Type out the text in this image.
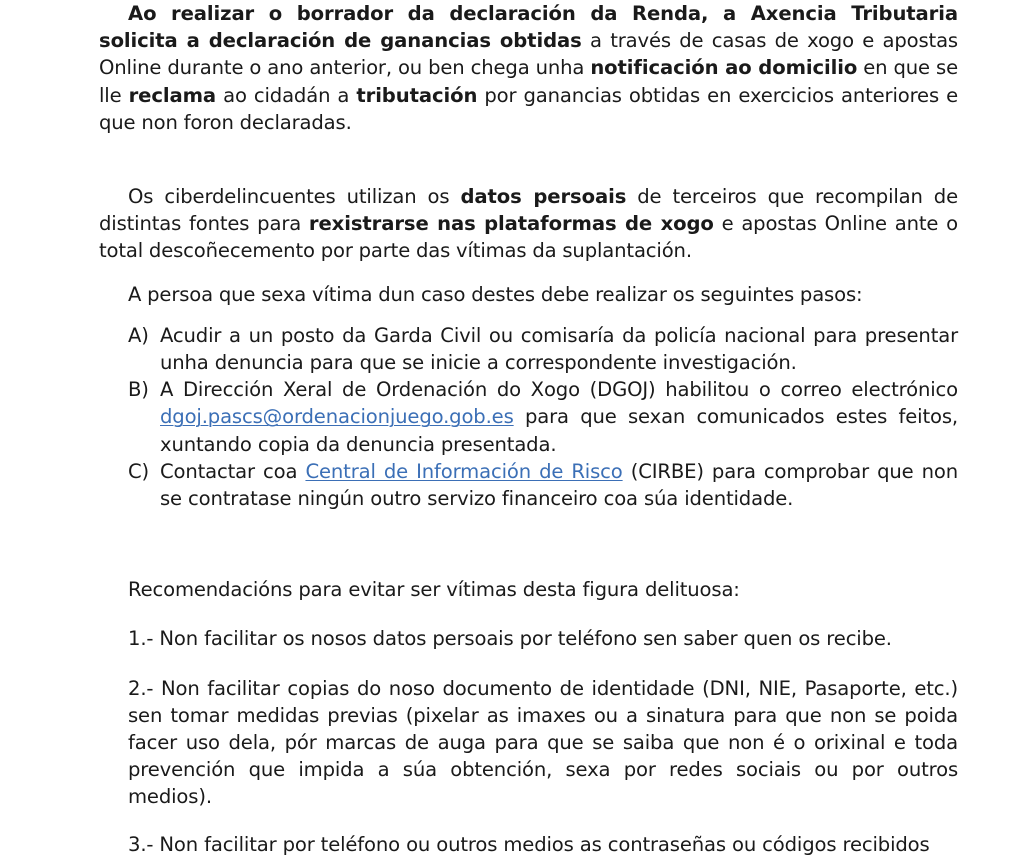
Ao realizar o borrador da declaración da Renda, a Axencia Tributaria solicita a declaración de ganancias obtidas a través de casas de xogo e apostas Online durante o ano anterior, ou ben chega unha notificación ao domicilio en que se lle reclama ao cidadán a tributación por ganancias obtidas en exercicios anteriores e que non foron declaradas.

Os ciberdelincuentes utilizan os datos persoais de terceiros que recompilan de distintas fontes para rexistrarse nas plataformas de xogo e apostas Online ante o total descoñecemento por parte das vítimas da suplantación.

A persoa que sexa vítima dun caso destes debe realizar os seguintes pasos:

A) Acudir a un posto da Garda Civil ou comisaría da policía nacional para presentar unha denuncia para que se inicie a correspondente investigación.
B) A Dirección Xeral de Ordenación do Xogo (DGOJ) habilitou o correo electrónico dgoj.pascs@ordenacionjuego.gob.es para que sexan comunicados estes feitos, xuntando copia da denuncia presentada.
C) Contactar coa Central de Información de Risco (CIRBE) para comprobar que non se contratase ningún outro servizo financeiro coa súa identidade.

Recomendacións para evitar ser vítimas desta figura delituosa:

1.- Non facilitar os nosos datos persoais por teléfono sen saber quen os recibe.

2.- Non facilitar copias do noso documento de identidade (DNI, NIE, Pasaporte, etc.) sen tomar medidas previas (pixelar as imaxes ou a sinatura para que non se poida facer uso dela, pór marcas de auga para que se saiba que non é o orixinal e toda prevención que impida a súa obtención, sexa por redes sociais ou por outros medios).

3.- Non facilitar por teléfono ou outros medios as contraseñas ou códigos recibidos
